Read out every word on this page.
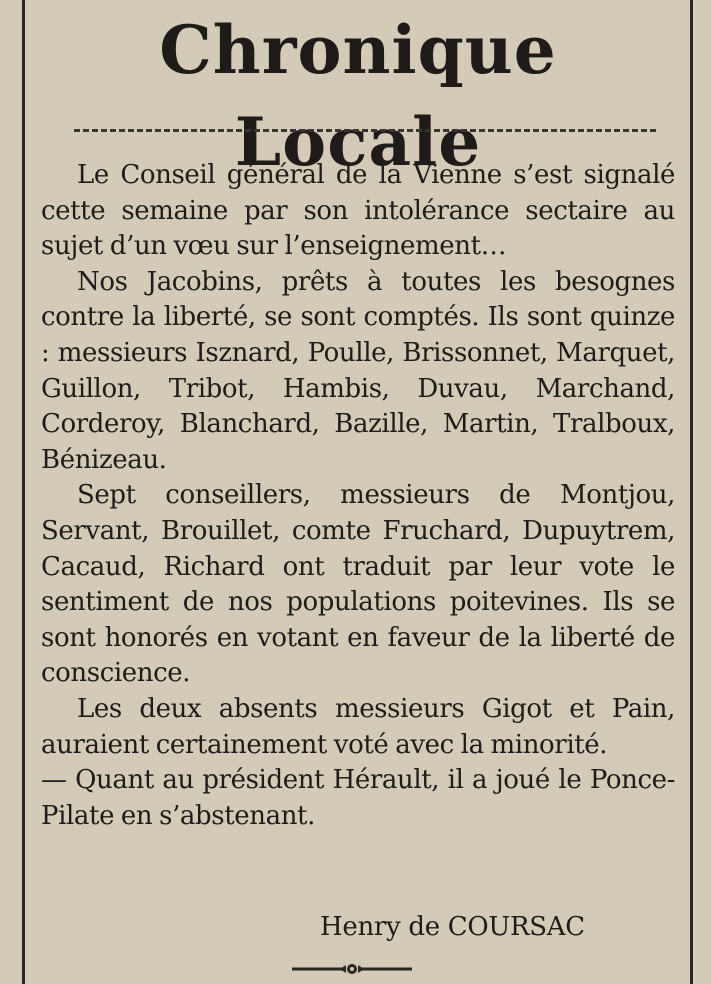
Chronique Locale

Le Conseil général de la Vienne s’est signalé cette semaine par son intolérance sectaire au sujet d’un vœu sur l’enseignement…

Nos Jacobins, prêts à toutes les besognes contre la liberté, se sont comptés. Ils sont quinze : messieurs Isznard, Poulle, Brissonnet, Marquet, Guillon, Tribot, Hambis, Duvau, Marchand, Corderoy, Blanchard, Bazille, Martin, Tralboux, Bénizeau.

Sept conseillers, messieurs de Montjou, Servant, Brouillet, comte Fruchard, Dupuytrem, Cacaud, Richard ont traduit par leur vote le sentiment de nos populations poitevines. Ils se sont honorés en votant en faveur de la liberté de conscience.

Les deux absents messieurs Gigot et Pain, auraient certainement voté avec la minorité.

— Quant au président Hérault, il a joué le Ponce-Pilate en s’abstenant.

Henry de COURSAC
